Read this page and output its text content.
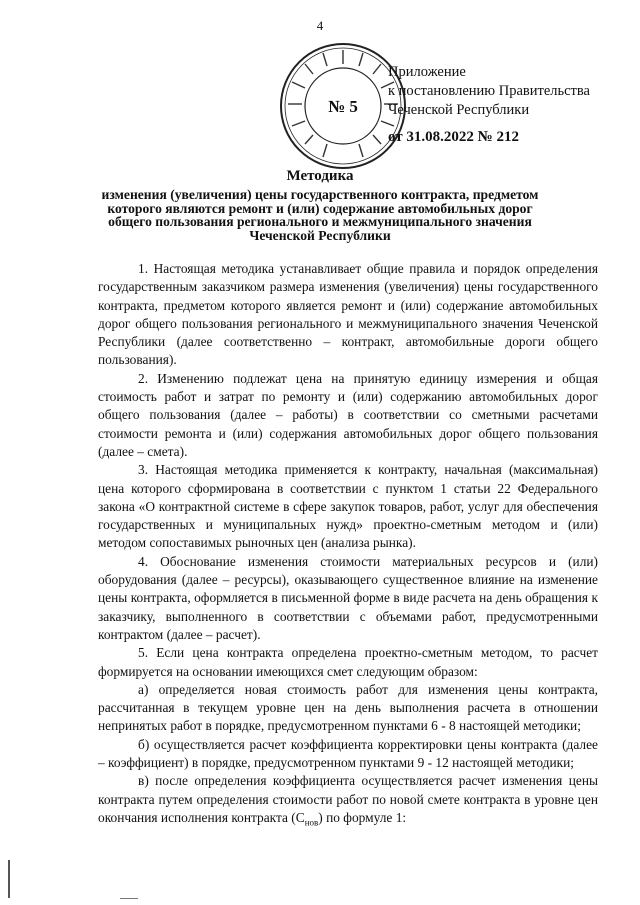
4
№ 5
Приложение
к постановлению Правительства
Чеченской Республики
от 31.08.2022 № 212
Методика
изменения (увеличения) цены государственного контракта, предметом которого являются ремонт и (или) содержание автомобильных дорог общего пользования регионального и межмуниципального значения Чеченской Республики

1. Настоящая методика устанавливает общие правила и порядок определения государственным заказчиком размера изменения (увеличения) цены государственного контракта, предметом которого является ремонт и (или) содержание автомобильных дорог общего пользования регионального и межмуниципального значения Чеченской Республики (далее соответственно – контракт, автомобильные дороги общего пользования).

2. Изменению подлежат цена на принятую единицу измерения и общая стоимость работ и затрат по ремонту и (или) содержанию автомобильных дорог общего пользования (далее – работы) в соответствии со сметными расчетами стоимости ремонта и (или) содержания автомобильных дорог общего пользования (далее – смета).

3. Настоящая методика применяется к контракту, начальная (максимальная) цена которого сформирована в соответствии с пунктом 1 статьи 22 Федерального закона «О контрактной системе в сфере закупок товаров, работ, услуг для обеспечения государственных и муниципальных нужд» проектно-сметным методом и (или) методом сопоставимых рыночных цен (анализа рынка).

4. Обоснование изменения стоимости материальных ресурсов и (или) оборудования (далее – ресурсы), оказывающего существенное влияние на изменение цены контракта, оформляется в письменной форме в виде расчета на день обращения к заказчику, выполненного в соответствии с объемами работ, предусмотренными контрактом (далее – расчет).

5. Если цена контракта определена проектно-сметным методом, то расчет формируется на основании имеющихся смет следующим образом:

а) определяется новая стоимость работ для изменения цены контракта, рассчитанная в текущем уровне цен на день выполнения расчета в отношении непринятых работ в порядке, предусмотренном пунктами 6 - 8 настоящей методики;

б) осуществляется расчет коэффициента корректировки цены контракта (далее – коэффициент) в порядке, предусмотренном пунктами 9 - 12 настоящей методики;

в) после определения коэффициента осуществляется расчет изменения цены контракта путем определения стоимости работ по новой смете контракта в уровне цен окончания исполнения контракта $(С_{нов})$ по формуле 1:
